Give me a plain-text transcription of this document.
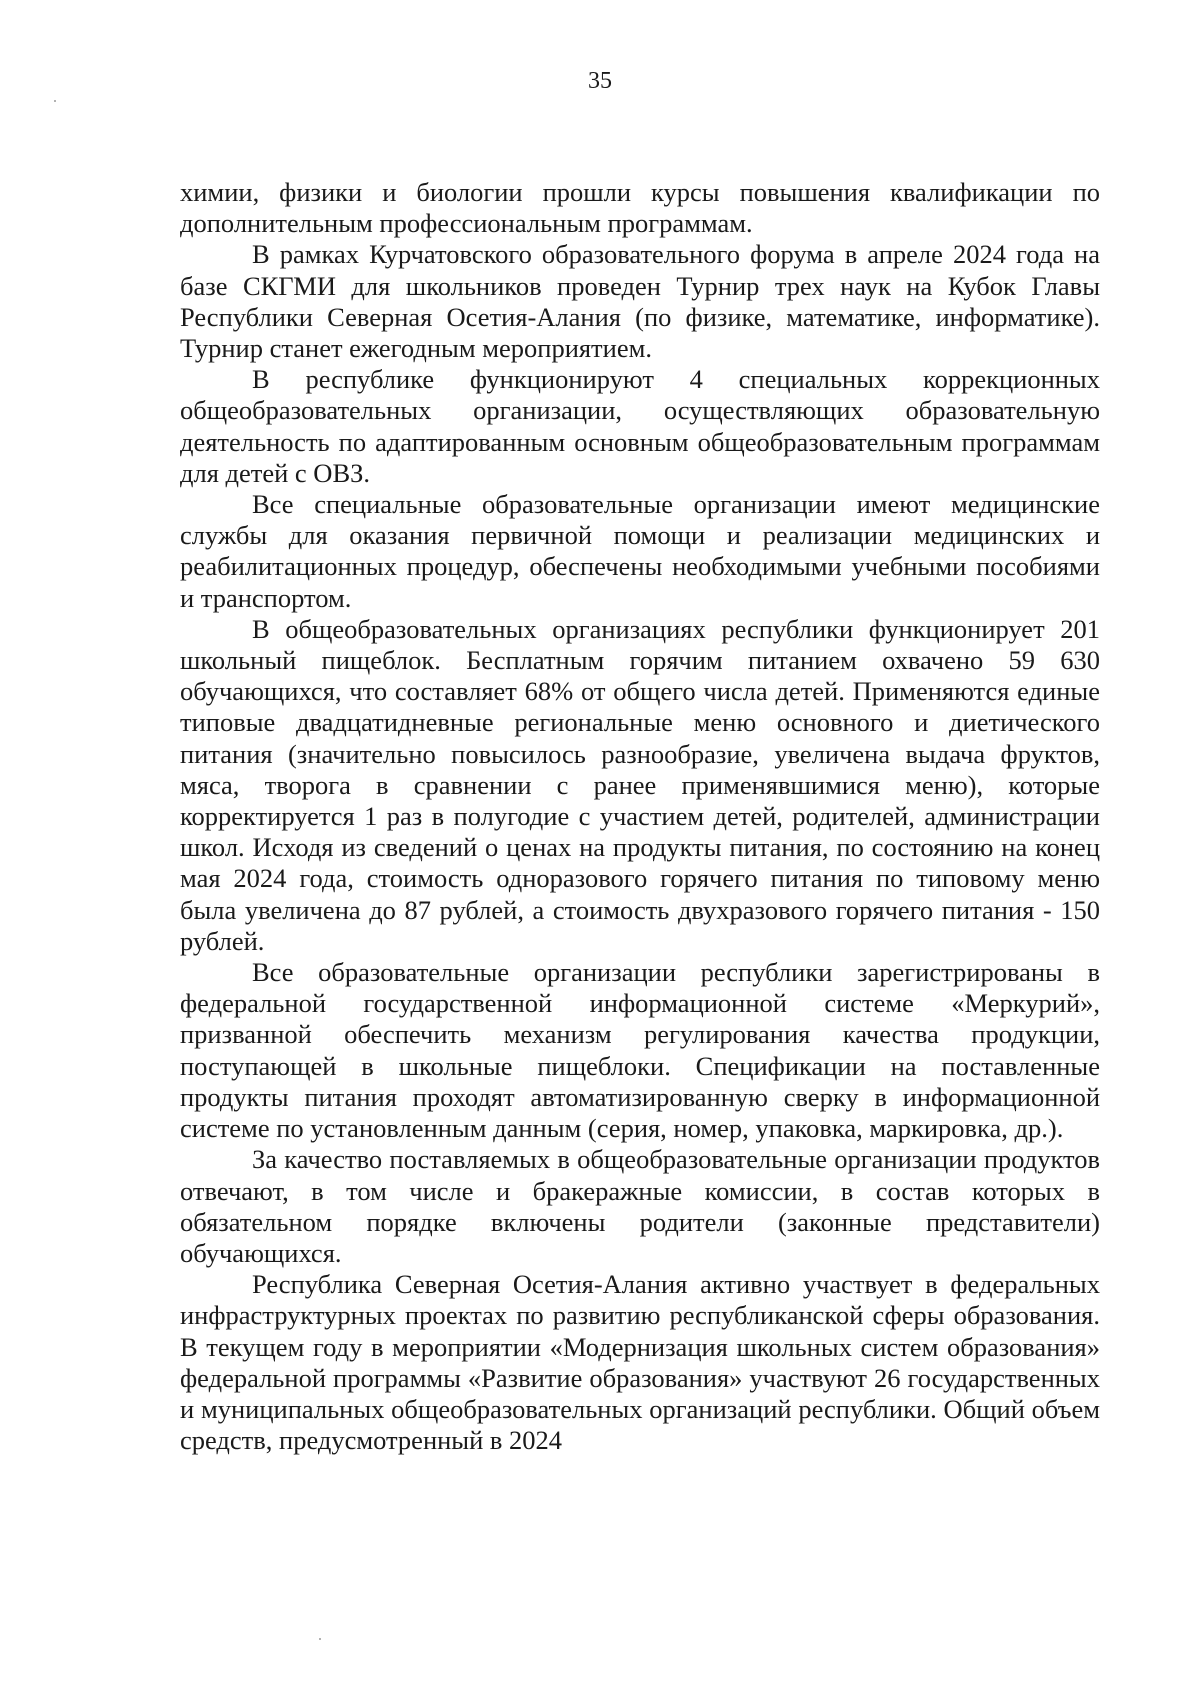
35

химии, физики и биологии прошли курсы повышения квалификации по дополнительным профессиональным программам.

В рамках Курчатовского образовательного форума в апреле 2024 года на базе СКГМИ для школьников проведен Турнир трех наук на Кубок Главы Республики Северная Осетия-Алания (по физике, математике, информатике). Турнир станет ежегодным мероприятием.

В республике функционируют 4 специальных коррекционных общеобразовательных организации, осуществляющих образовательную деятельность по адаптированным основным общеобразовательным программам для детей с ОВЗ.

Все специальные образовательные организации имеют медицинские службы для оказания первичной помощи и реализации медицинских и реабилитационных процедур, обеспечены необходимыми учебными пособиями и транспортом.

В общеобразовательных организациях республики функционирует 201 школьный пищеблок. Бесплатным горячим питанием охвачено 59 630 обучающихся, что составляет 68% от общего числа детей. Применяются единые типовые двадцатидневные региональные меню основного и диетического питания (значительно повысилось разнообразие, увеличена выдача фруктов, мяса, творога в сравнении с ранее применявшимися меню), которые корректируется 1 раз в полугодие с участием детей, родителей, администрации школ. Исходя из сведений о ценах на продукты питания, по состоянию на конец мая 2024 года, стоимость одноразового горячего питания по типовому меню была увеличена до 87 рублей, а стоимость двухразового горячего питания - 150 рублей.

Все образовательные организации республики зарегистрированы в федеральной государственной информационной системе «Меркурий», призванной обеспечить механизм регулирования качества продукции, поступающей в школьные пищеблоки. Спецификации на поставленные продукты питания проходят автоматизированную сверку в информационной системе по установленным данным (серия, номер, упаковка, маркировка, др.).

За качество поставляемых в общеобразовательные организации продуктов отвечают, в том числе и бракеражные комиссии, в состав которых в обязательном порядке включены родители (законные представители) обучающихся.

Республика Северная Осетия-Алания активно участвует в федеральных инфраструктурных проектах по развитию республиканской сферы образования. В текущем году в мероприятии «Модернизация школьных систем образования» федеральной программы «Развитие образования» участвуют 26 государственных и муниципальных общеобразовательных организаций республики. Общий объем средств, предусмотренный в 2024
